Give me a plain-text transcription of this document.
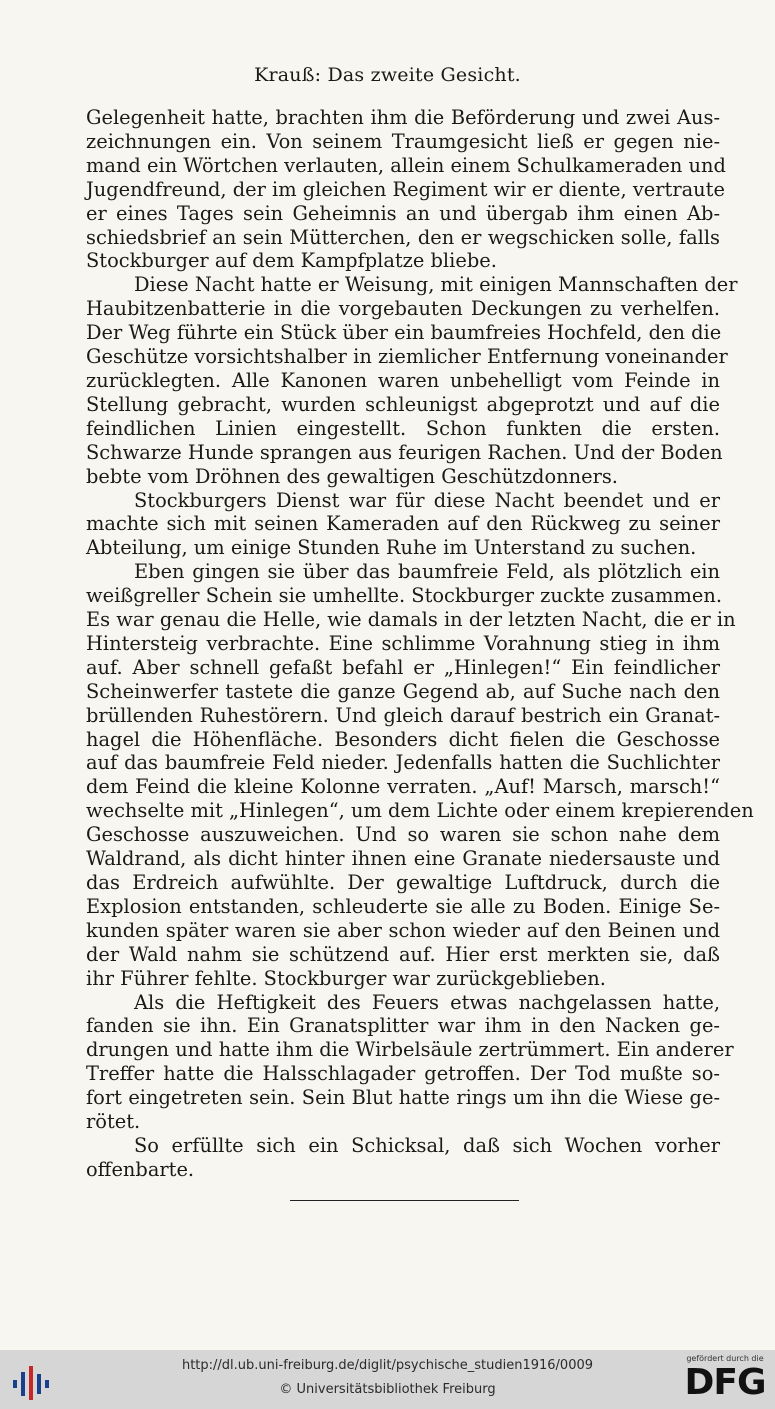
Krauß: Das zweite Gesicht.
Gelegenheit hatte, brachten ihm die Beförderung und zwei Aus-
zeichnungen ein. Von seinem Traumgesicht ließ er gegen nie-
mand ein Wörtchen verlauten, allein einem Schulkameraden und
Jugendfreund, der im gleichen Regiment wir er diente, vertraute
er eines Tages sein Geheimnis an und übergab ihm einen Ab-
schiedsbrief an sein Mütterchen, den er wegschicken solle, falls
Stockburger auf dem Kampfplatze bliebe.
Diese Nacht hatte er Weisung, mit einigen Mannschaften der
Haubitzenbatterie in die vorgebauten Deckungen zu verhelfen.
Der Weg führte ein Stück über ein baumfreies Hochfeld, den die
Geschütze vorsichtshalber in ziemlicher Entfernung voneinander
zurücklegten. Alle Kanonen waren unbehelligt vom Feinde in
Stellung gebracht, wurden schleunigst abgeprotzt und auf die
feindlichen Linien eingestellt. Schon funkten die ersten.
Schwarze Hunde sprangen aus feurigen Rachen. Und der Boden
bebte vom Dröhnen des gewaltigen Geschützdonners.
Stockburgers Dienst war für diese Nacht beendet und er
machte sich mit seinen Kameraden auf den Rückweg zu seiner
Abteilung, um einige Stunden Ruhe im Unterstand zu suchen.
Eben gingen sie über das baumfreie Feld, als plötzlich ein
weißgreller Schein sie umhellte. Stockburger zuckte zusammen.
Es war genau die Helle, wie damals in der letzten Nacht, die er in
Hintersteig verbrachte. Eine schlimme Vorahnung stieg in ihm
auf. Aber schnell gefaßt befahl er „Hinlegen!“ Ein feindlicher
Scheinwerfer tastete die ganze Gegend ab, auf Suche nach den
brüllenden Ruhestörern. Und gleich darauf bestrich ein Granat-
hagel die Höhenfläche. Besonders dicht fielen die Geschosse
auf das baumfreie Feld nieder. Jedenfalls hatten die Suchlichter
dem Feind die kleine Kolonne verraten. „Auf! Marsch, marsch!“
wechselte mit „Hinlegen“, um dem Lichte oder einem krepierenden
Geschosse auszuweichen. Und so waren sie schon nahe dem
Waldrand, als dicht hinter ihnen eine Granate niedersauste und
das Erdreich aufwühlte. Der gewaltige Luftdruck, durch die
Explosion entstanden, schleuderte sie alle zu Boden. Einige Se-
kunden später waren sie aber schon wieder auf den Beinen und
der Wald nahm sie schützend auf. Hier erst merkten sie, daß
ihr Führer fehlte. Stockburger war zurückgeblieben.
Als die Heftigkeit des Feuers etwas nachgelassen hatte,
fanden sie ihn. Ein Granatsplitter war ihm in den Nacken ge-
drungen und hatte ihm die Wirbelsäule zertrümmert. Ein anderer
Treffer hatte die Halsschlagader getroffen. Der Tod mußte so-
fort eingetreten sein. Sein Blut hatte rings um ihn die Wiese ge-
rötet.
So erfüllte sich ein Schicksal, daß sich Wochen vorher
offenbarte.
http://dl.ub.uni-freiburg.de/diglit/psychische_studien1916/0009
© Universitätsbibliothek Freiburg
gefördert durch die
DFG
